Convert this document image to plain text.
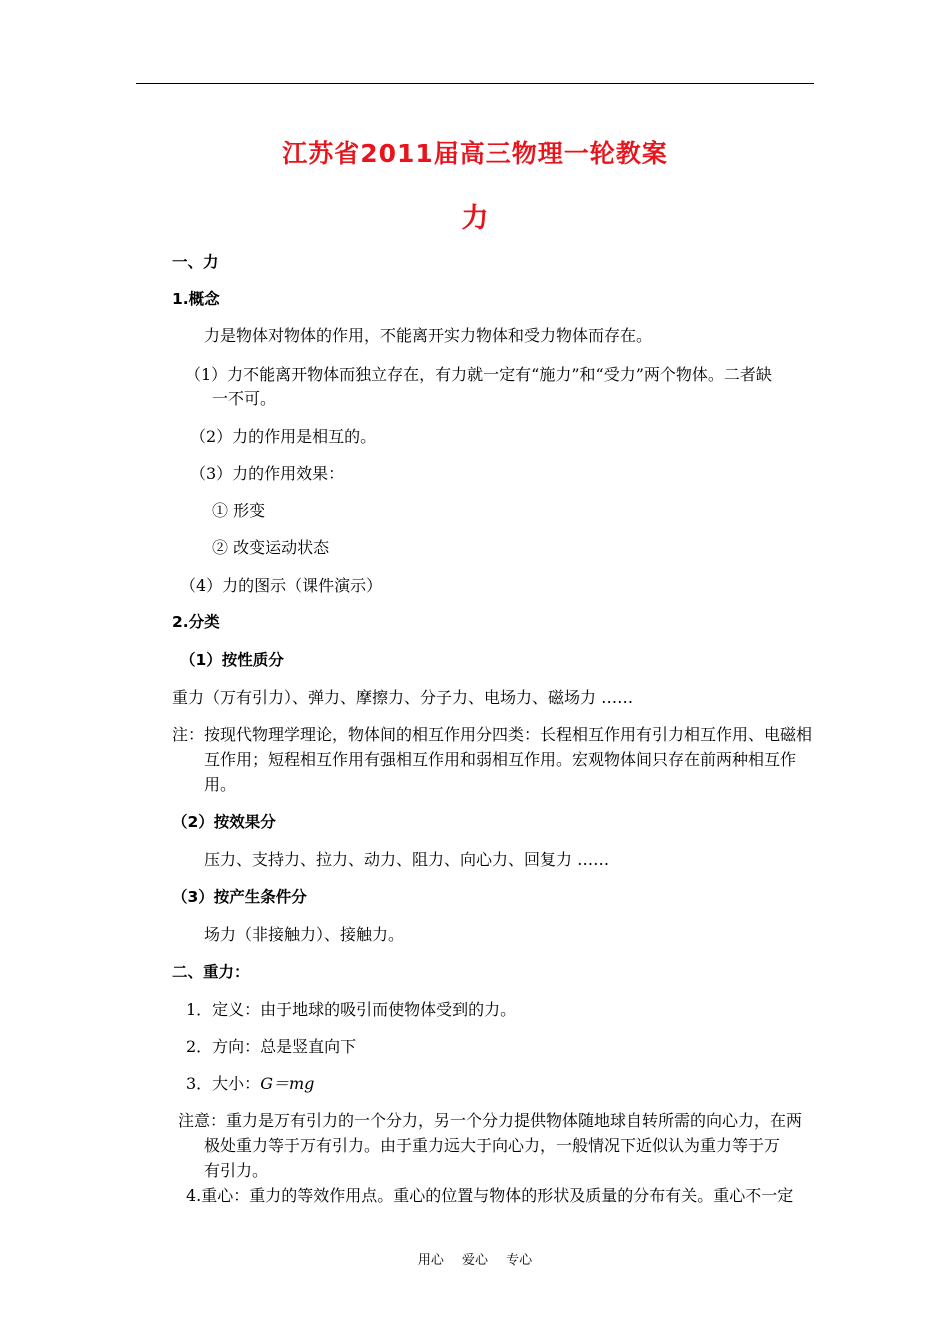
江苏省2011届高三物理一轮教案
力
一、力
1.概念
力是物体对物体的作用，不能离开实力物体和受力物体而存在。
（1）力不能离开物体而独立存在，有力就一定有“施力”和“受力”两个物体。二者缺
一不可。
（2）力的作用是相互的。
（3）力的作用效果：
① 形变
② 改变运动状态
（4）力的图示（课件演示）
2.分类
（1）按性质分
重力（万有引力）、弹力、摩擦力、分子力、电场力、磁场力 ……
注：按现代物理学理论，物体间的相互作用分四类：长程相互作用有引力相互作用、电磁相
互作用；短程相互作用有强相互作用和弱相互作用。宏观物体间只存在前两种相互作
用。
（2）按效果分
压力、支持力、拉力、动力、阻力、向心力、回复力 ……
（3）按产生条件分
场力（非接触力）、接触力。
二、重力：
1．定义：由于地球的吸引而使物体受到的力。
2．方向：总是竖直向下
3．大小：G＝mg
注意：重力是万有引力的一个分力，另一个分力提供物体随地球自转所需的向心力，在两
极处重力等于万有引力。由于重力远大于向心力，一般情况下近似认为重力等于万
有引力。
4.重心：重力的等效作用点。重心的位置与物体的形状及质量的分布有关。重心不一定
用心 爱心 专心
